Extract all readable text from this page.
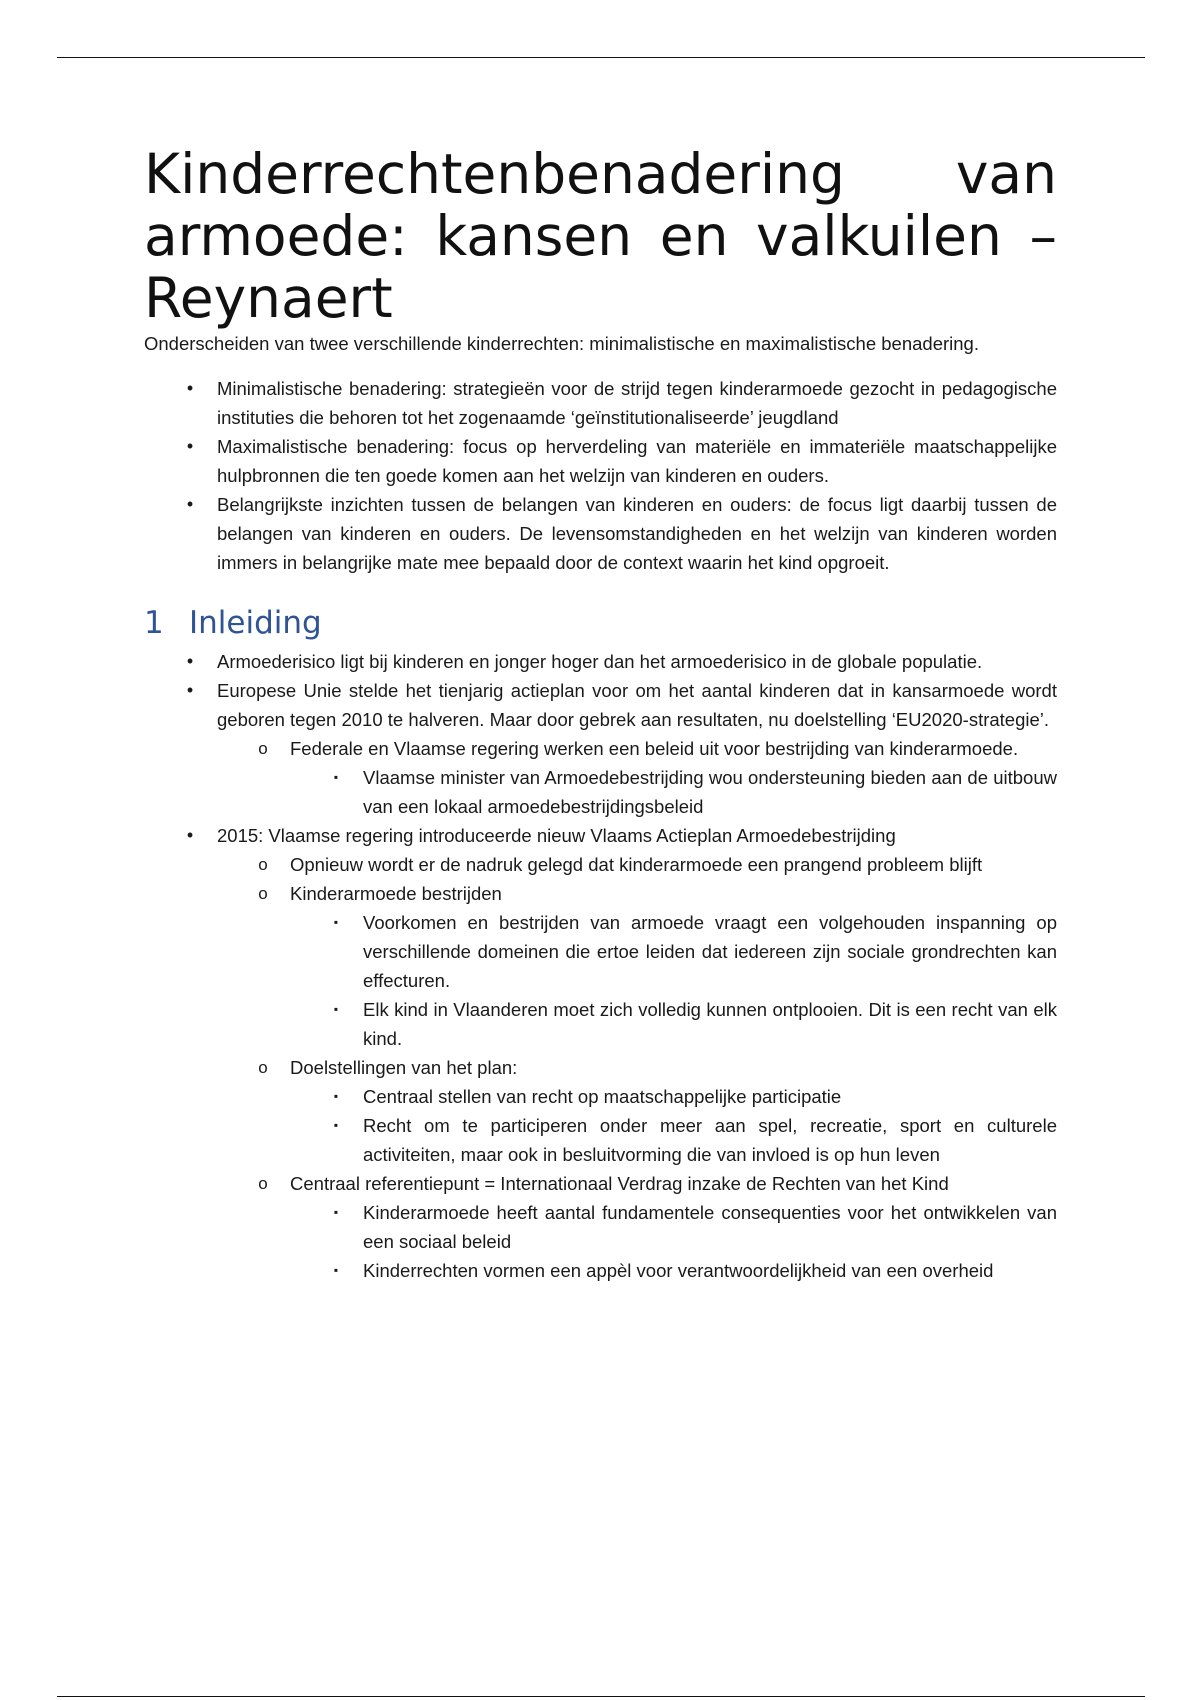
Kinderrechtenbenadering van
armoede: kansen en valkuilen –
Reynaert

Onderscheiden van twee verschillende kinderrechten: minimalistische en maximalistische benadering.

•	Minimalistische benadering: strategieën voor de strijd tegen kinderarmoede gezocht in pedagogische instituties die behoren tot het zogenaamde ‘geïnstitutionaliseerde’ jeugdland
•	Maximalistische benadering: focus op herverdeling van materiële en immateriële maatschappelijke hulpbronnen die ten goede komen aan het welzijn van kinderen en ouders.
•	Belangrijkste inzichten tussen de belangen van kinderen en ouders: de focus ligt daarbij tussen de belangen van kinderen en ouders. De levensomstandigheden en het welzijn van kinderen worden immers in belangrijke mate mee bepaald door de context waarin het kind opgroeit.
1 Inleiding
•	Armoederisico ligt bij kinderen en jonger hoger dan het armoederisico in de globale populatie.
•	Europese Unie stelde het tienjarig actieplan voor om het aantal kinderen dat in kansarmoede wordt geboren tegen 2010 te halveren. Maar door gebrek aan resultaten, nu doelstelling ‘EU2020-strategie’.
o Federale en Vlaamse regering werken een beleid uit voor bestrijding van kinderarmoede.
▪	Vlaamse minister van Armoedebestrijding wou ondersteuning bieden aan de uitbouw van een lokaal armoedebestrijdingsbeleid
•	2015: Vlaamse regering introduceerde nieuw Vlaams Actieplan Armoedebestrijding
o Opnieuw wordt er de nadruk gelegd dat kinderarmoede een prangend probleem blijft
o Kinderarmoede bestrijden
▪	Voorkomen en bestrijden van armoede vraagt een volgehouden inspanning op verschillende domeinen die ertoe leiden dat iedereen zijn sociale grondrechten kan effecturen.
▪	Elk kind in Vlaanderen moet zich volledig kunnen ontplooien. Dit is een recht van elk kind.
o Doelstellingen van het plan:
▪	Centraal stellen van recht op maatschappelijke participatie
▪	Recht om te participeren onder meer aan spel, recreatie, sport en culturele activiteiten, maar ook in besluitvorming die van invloed is op hun leven
o Centraal referentiepunt = Internationaal Verdrag inzake de Rechten van het Kind
▪	Kinderarmoede heeft aantal fundamentele consequenties voor het ontwikkelen van een sociaal beleid
▪	Kinderrechten vormen een appèl voor verantwoordelijkheid van een overheid
